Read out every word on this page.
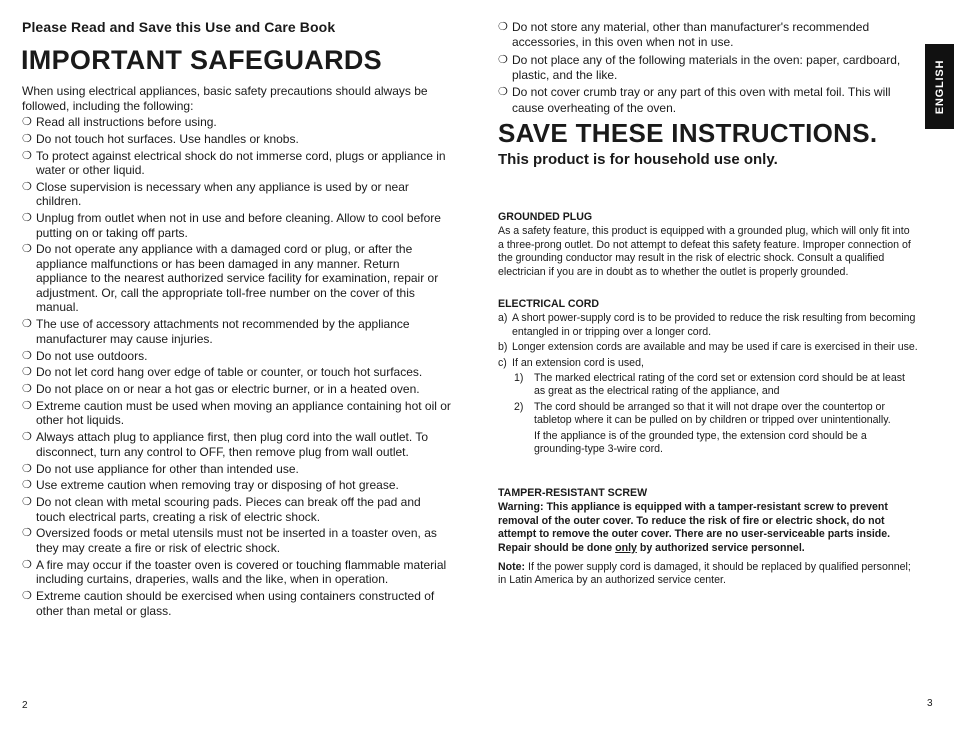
Please Read and Save this Use and Care Book
IMPORTANT SAFEGUARDS
When using electrical appliances, basic safety precautions should always be followed, including the following:
❍ Read all instructions before using.
❍ Do not touch hot surfaces. Use handles or knobs.
❍ To protect against electrical shock do not immerse cord, plugs or appliance in water or other liquid.
❍ Close supervision is necessary when any appliance is used by or near children.
❍ Unplug from outlet when not in use and before cleaning. Allow to cool before putting on or taking off parts.
❍ Do not operate any appliance with a damaged cord or plug, or after the appliance malfunctions or has been damaged in any manner. Return appliance to the nearest authorized service facility for examination, repair or adjustment. Or, call the appropriate toll-free number on the cover of this manual.
❍ The use of accessory attachments not recommended by the appliance manufacturer may cause injuries.
❍ Do not use outdoors.
❍ Do not let cord hang over edge of table or counter, or touch hot surfaces.
❍ Do not place on or near a hot gas or electric burner, or in a heated oven.
❍ Extreme caution must be used when moving an appliance containing hot oil or other hot liquids.
❍ Always attach plug to appliance first, then plug cord into the wall outlet. To disconnect, turn any control to OFF, then remove plug from wall outlet.
❍ Do not use appliance for other than intended use.
❍ Use extreme caution when removing tray or disposing of hot grease.
❍ Do not clean with metal scouring pads. Pieces can break off the pad and touch electrical parts, creating a risk of electric shock.
❍ Oversized foods or metal utensils must not be inserted in a toaster oven, as they may create a fire or risk of electric shock.
❍ A fire may occur if the toaster oven is covered or touching flammable material including curtains, draperies, walls and the like, when in operation.
❍ Extreme caution should be exercised when using containers constructed of other than metal or glass.
2
❍ Do not store any material, other than manufacturer's recommended accessories, in this oven when not in use.
❍ Do not place any of the following materials in the oven: paper, cardboard, plastic, and the like.
❍ Do not cover crumb tray or any part of this oven with metal foil. This will cause overheating of the oven.
SAVE THESE INSTRUCTIONS.
This product is for household use only.
GROUNDED PLUG
As a safety feature, this product is equipped with a grounded plug, which will only fit into a three-prong outlet. Do not attempt to defeat this safety feature. Improper connection of the grounding conductor may result in the risk of electric shock. Consult a qualified electrician if you are in doubt as to whether the outlet is properly grounded.
ELECTRICAL CORD
a) A short power-supply cord is to be provided to reduce the risk resulting from becoming entangled in or tripping over a longer cord.
b) Longer extension cords are available and may be used if care is exercised in their use.
c) If an extension cord is used,
1) The marked electrical rating of the cord set or extension cord should be at least as great as the electrical rating of the appliance, and
2) The cord should be arranged so that it will not drape over the countertop or tabletop where it can be pulled on by children or tripped over unintentionally.
If the appliance is of the grounded type, the extension cord should be a grounding-type 3-wire cord.
TAMPER-RESISTANT SCREW
Warning: This appliance is equipped with a tamper-resistant screw to prevent removal of the outer cover. To reduce the risk of fire or electric shock, do not attempt to remove the outer cover. There are no user-serviceable parts inside. Repair should be done only by authorized service personnel.
Note: If the power supply cord is damaged, it should be replaced by qualified personnel; in Latin America by an authorized service center.
3
ENGLISH
